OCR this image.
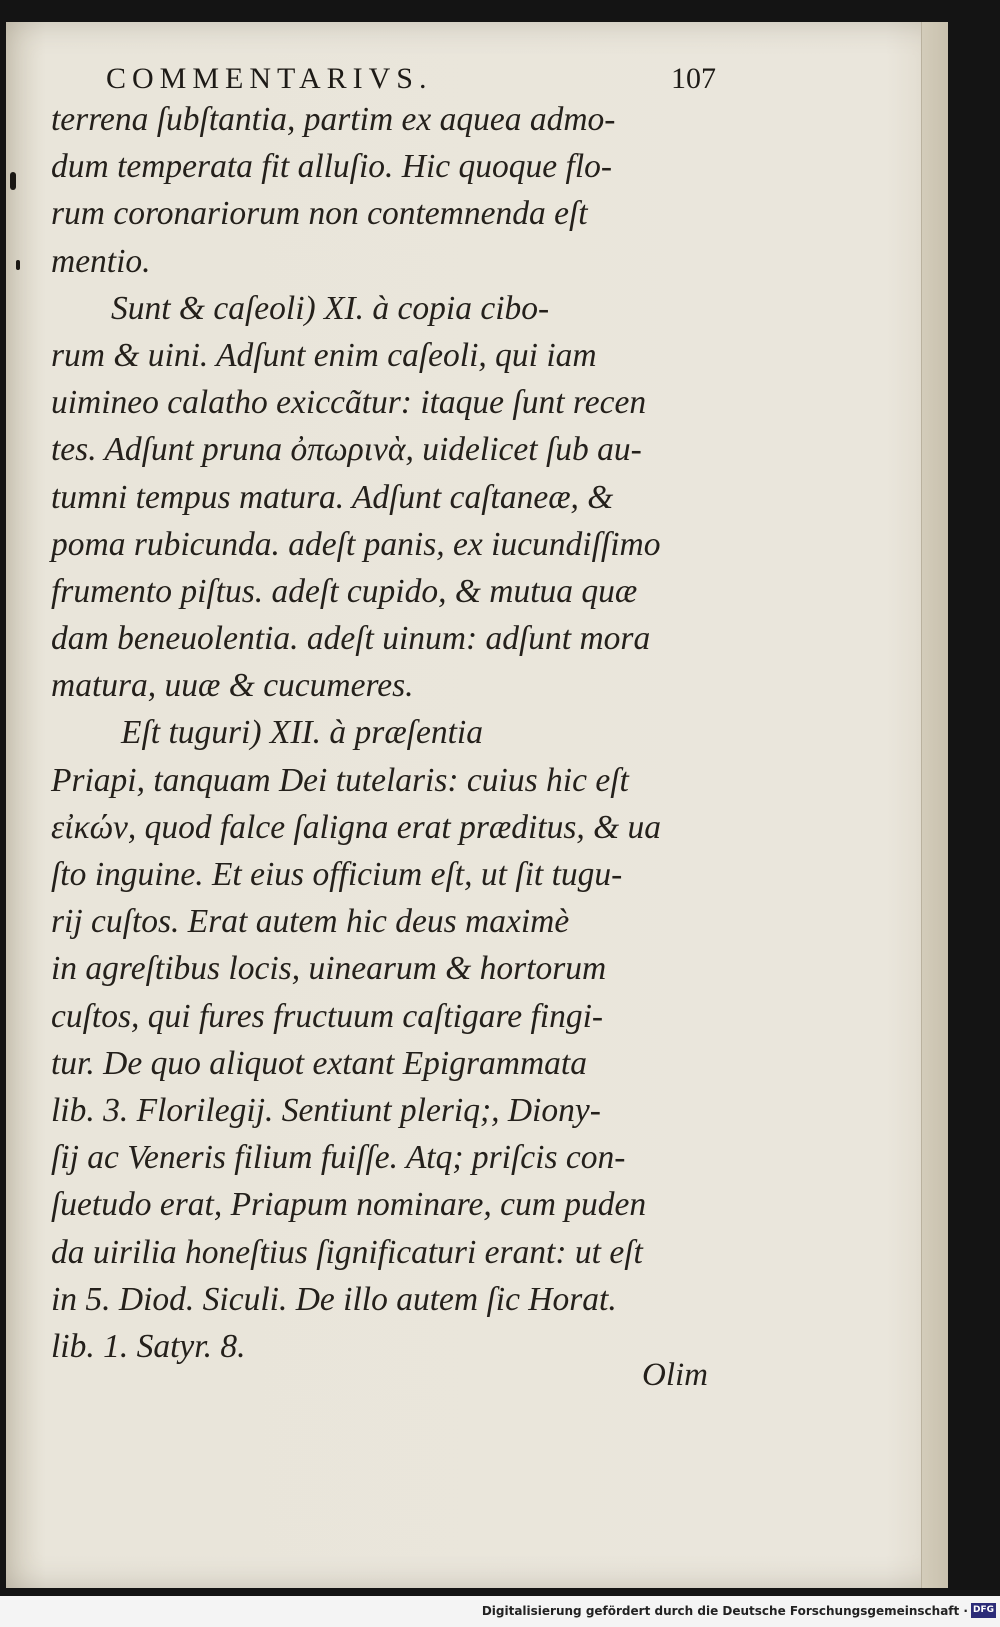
COMMENTARIVS.	107
terrena ſubſtantia, partim ex aquea admo-
dum temperata fit alluſio. Hic quoque flo-
rum coronariorum non contemnenda eſt
mentio.
Sunt & caſeoli) XI. à copia cibo-
rum & uini. Adſunt enim caſeoli, qui iam
uimineo calatho exiccãtur: itaque ſunt recen
tes. Adſunt pruna ὀπωρινὰ, uidelicet ſub au-
tumni tempus matura. Adſunt caſtaneæ, &
poma rubicunda. adeſt panis, ex iucundiſſimo
frumento piſtus. adeſt cupido, & mutua quæ
dam beneuolentia. adeſt uinum: adſunt mora
matura, uuæ & cucumeres.
Eſt tuguri) XII. à præſentia
Priapi, tanquam Dei tutelaris: cuius hic eſt
εἰκών, quod falce ſaligna erat præditus, & ua
ſto inguine. Et eius officium eſt, ut ſit tugu-
rij cuſtos. Erat autem hic deus maximè
in agreſtibus locis, uinearum & hortorum
cuſtos, qui fures fructuum caſtigare fingi-
tur. De quo aliquot extant Epigrammata
lib. 3. Florilegij. Sentiunt pleriq;, Diony-
ſij ac Veneris filium fuiſſe. Atq; priſcis con-
ſuetudo erat, Priapum nominare, cum puden
da uirilia honeſtius ſignificaturi erant: ut eſt
in 5. Diod. Siculi. De illo autem ſic Horat.
lib. 1. Satyr. 8.
Olim
Digitalisierung gefördert durch die Deutsche Forschungsgemeinschaft · DFG
